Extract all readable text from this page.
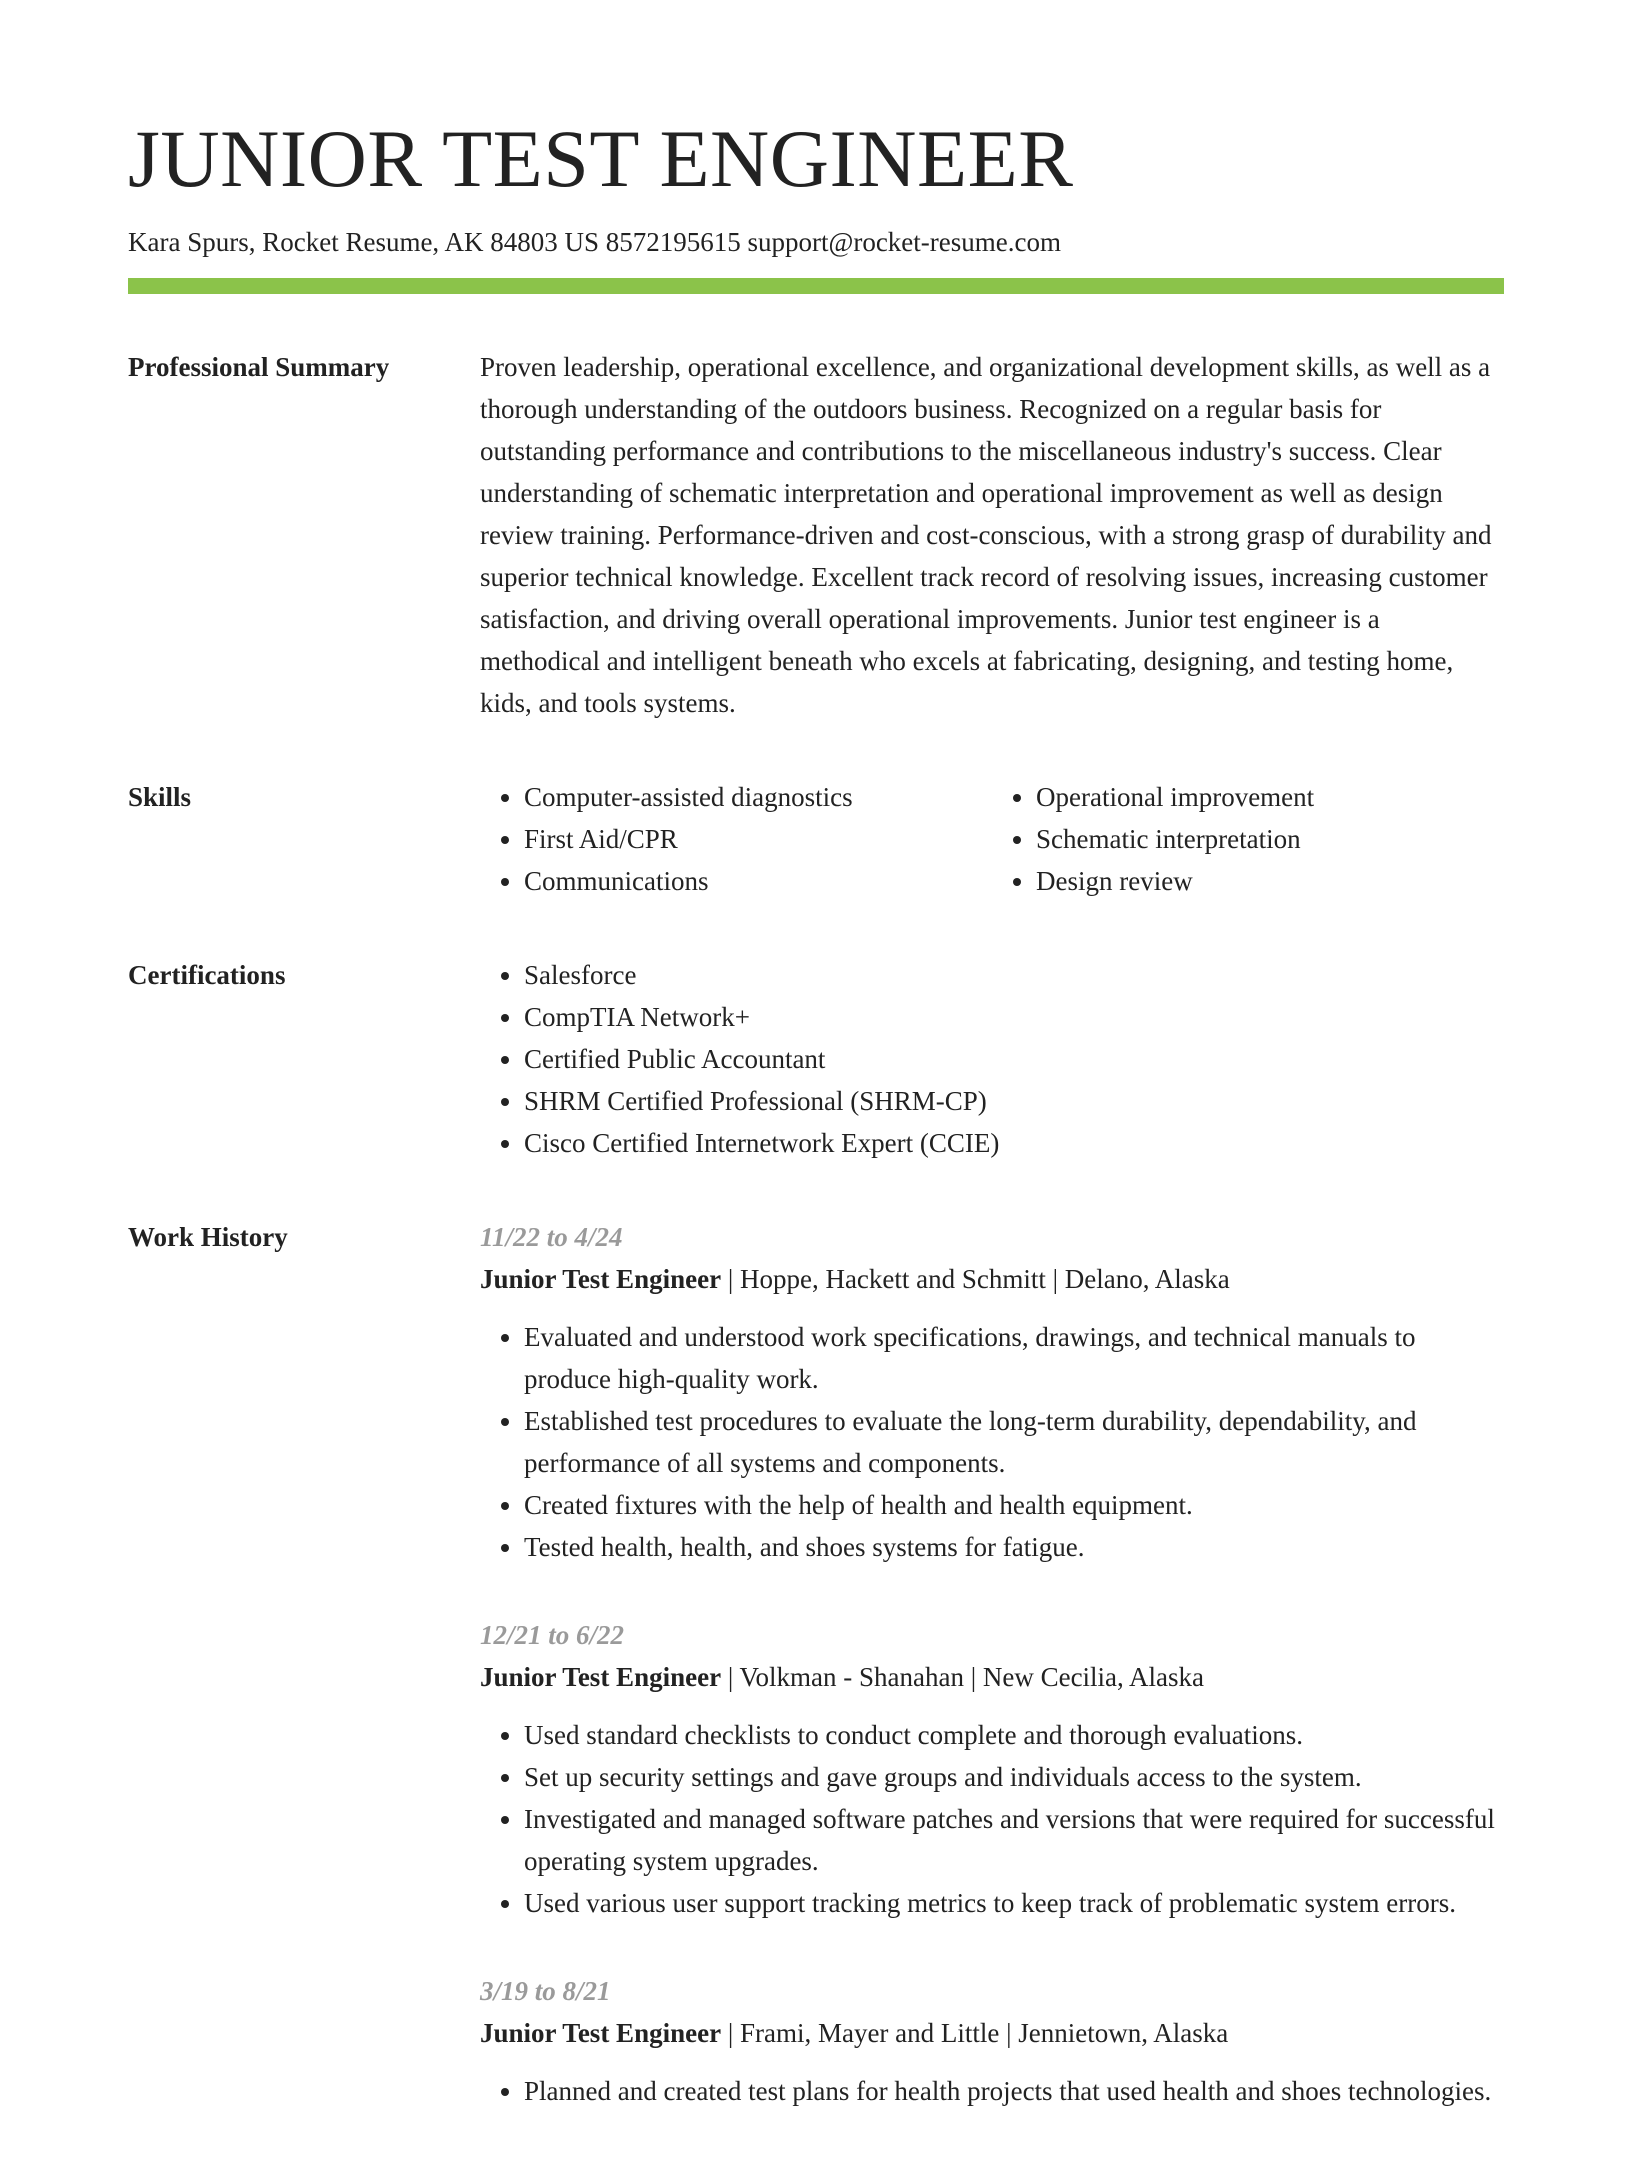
JUNIOR TEST ENGINEER
Kara Spurs, Rocket Resume, AK 84803 US 8572195615 support@rocket-resume.com
Professional Summary	Proven leadership, operational excellence, and organizational development skills, as well as a thorough understanding of the outdoors business. Recognized on a regular basis for outstanding performance and contributions to the miscellaneous industry's success. Clear understanding of schematic interpretation and operational improvement as well as design review training. Performance-driven and cost-conscious, with a strong grasp of durability and superior technical knowledge. Excellent track record of resolving issues, increasing customer satisfaction, and driving overall operational improvements. Junior test engineer is a methodical and intelligent beneath who excels at fabricating, designing, and testing home, kids, and tools systems.

Skills	• Computer-assisted diagnostics
• First Aid/CPR
• Communications
• Operational improvement
• Schematic interpretation
• Design review
Certifications	• Salesforce
• CompTIA Network+
• Certified Public Accountant
• SHRM Certified Professional (SHRM-CP)
• Cisco Certified Internetwork Expert (CCIE)
Work History	11/22 to 4/24
Junior Test Engineer | Hoppe, Hackett and Schmitt | Delano, Alaska
• Evaluated and understood work specifications, drawings, and technical manuals to produce high-quality work.
• Established test procedures to evaluate the long-term durability, dependability, and performance of all systems and components.
• Created fixtures with the help of health and health equipment.
• Tested health, health, and shoes systems for fatigue.
12/21 to 6/22
Junior Test Engineer | Volkman - Shanahan | New Cecilia, Alaska
• Used standard checklists to conduct complete and thorough evaluations.
• Set up security settings and gave groups and individuals access to the system.
• Investigated and managed software patches and versions that were required for successful operating system upgrades.
• Used various user support tracking metrics to keep track of problematic system errors.
3/19 to 8/21
Junior Test Engineer | Frami, Mayer and Little | Jennietown, Alaska
• Planned and created test plans for health projects that used health and shoes technologies.
